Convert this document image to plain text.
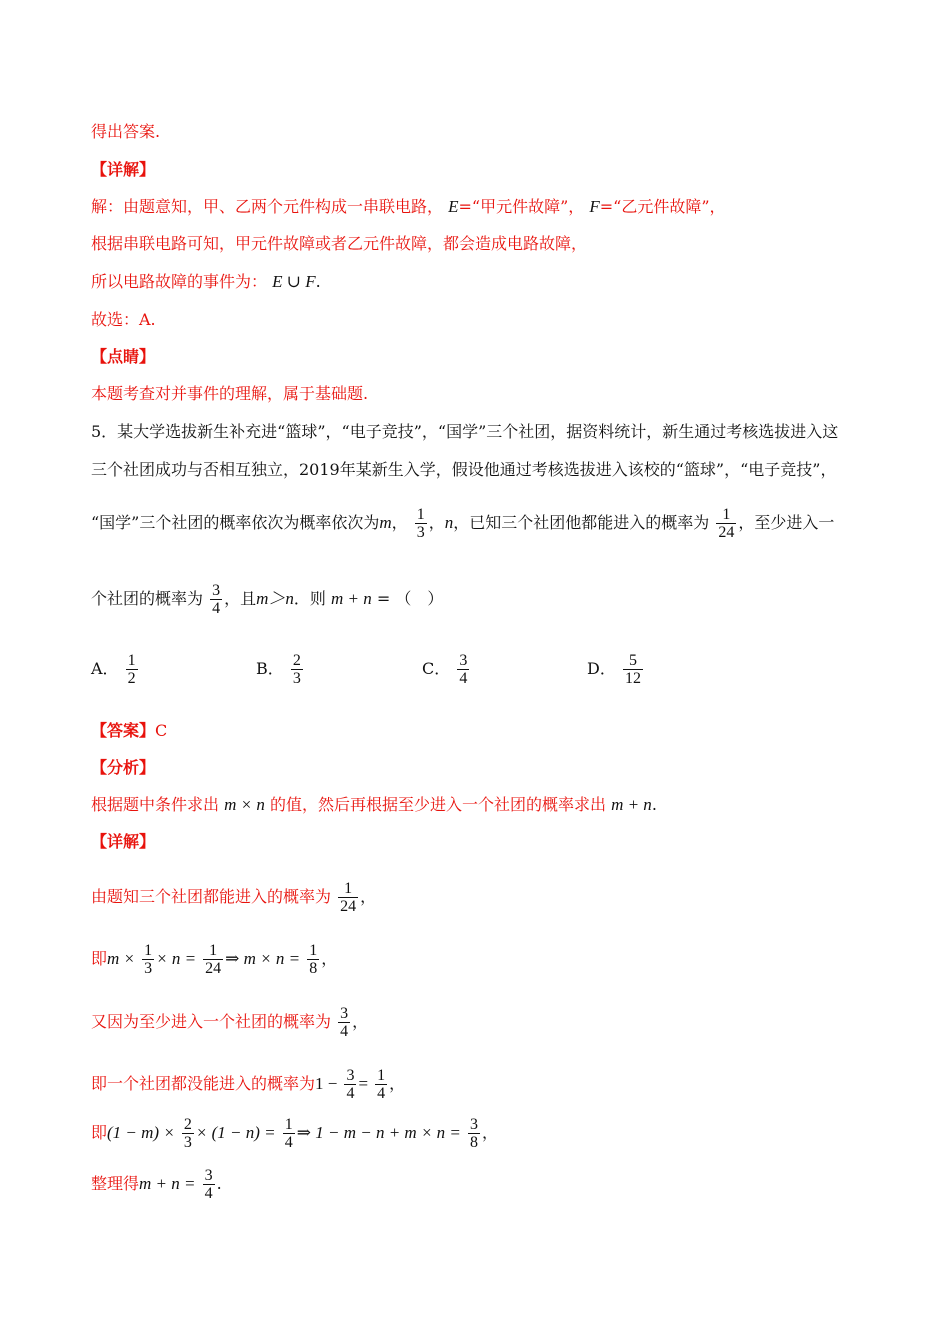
得出答案.
【详解】
解：由题意知，甲、乙两个元件构成一串联电路， E=“甲元件故障”， F=“乙元件故障”，
根据串联电路可知，甲元件故障或者乙元件故障，都会造成电路故障，
所以电路故障的事件为： E ∪ F.
故选：A.
【点睛】
本题考查对并事件的理解，属于基础题.
5．某大学选拔新生补充进“篮球”，“电子竞技”，“国学”三个社团，据资料统计，新生通过考核选拔进入这
三个社团成功与否相互独立，2019年某新生入学，假设他通过考核选拔进入该校的“篮球”，“电子竞技”，
“国学”三个社团的概率依次为概率依次为m， $\frac{1}{3}$ ，n，已知三个社团他都能进入的概率为 $\frac{1}{24}$ ，至少进入一
个社团的概率为 $\frac{3}{4}$ ，且m＞n．则 m + n = （　）
A． $\frac{1}{2}$	B． $\frac{2}{3}$	C． $\frac{3}{4}$	D． $\frac{5}{12}$
【答案】C
【分析】
根据题中条件求出 m × n 的值，然后再根据至少进入一个社团的概率求出 m + n.
【详解】
由题知三个社团都能进入的概率为 $\frac{1}{24}$ ，
即$m \times \frac{1}{3} \times n = \frac{1}{24}$ ⇒ $m \times n = \frac{1}{8}$ ，
又因为至少进入一个社团的概率为 $\frac{3}{4}$ ，
即一个社团都没能进入的概率为$1 - \frac{3}{4} = \frac{1}{4}$ ，
即$(1 - m) \times \frac{2}{3} \times (1 - n) = \frac{1}{4}$ ⇒ $1 - m - n + m \times n = \frac{3}{8}$ ，
整理得$m + n = \frac{3}{4}$ .
